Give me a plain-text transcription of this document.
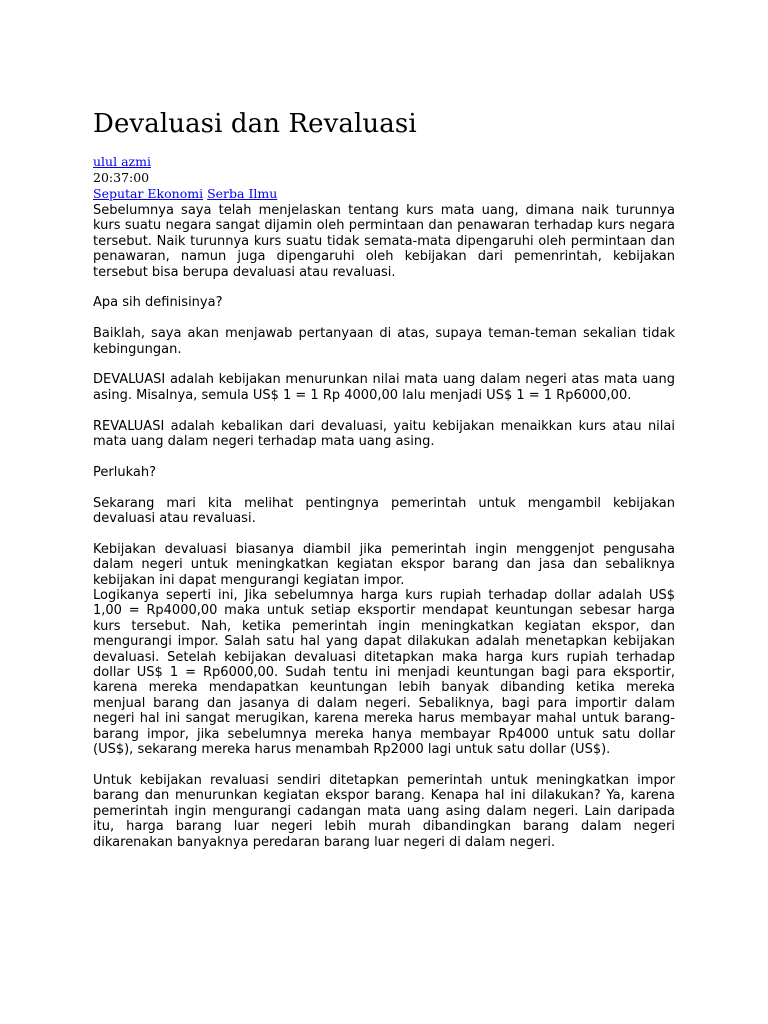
Devaluasi dan Revaluasi
ulul azmi
20:37:00
Seputar Ekonomi Serba Ilmu

Sebelumnya saya telah menjelaskan tentang kurs mata uang, dimana naik turunnya kurs suatu negara sangat dijamin oleh permintaan dan penawaran terhadap kurs negara tersebut. Naik turunnya kurs suatu tidak semata-mata dipengaruhi oleh permintaan dan penawaran, namun juga dipengaruhi oleh kebijakan dari pemenrintah, kebijakan tersebut bisa berupa devaluasi atau revaluasi.

Apa sih definisinya?

Baiklah, saya akan menjawab pertanyaan di atas, supaya teman-teman sekalian tidak kebingungan.

DEVALUASI adalah kebijakan menurunkan nilai mata uang dalam negeri atas mata uang asing. Misalnya, semula US$ 1 = 1 Rp 4000,00 lalu menjadi US$ 1 = 1 Rp6000,00.

REVALUASI adalah kebalikan dari devaluasi, yaitu kebijakan menaikkan kurs atau nilai mata uang dalam negeri terhadap mata uang asing.

Perlukah?

Sekarang mari kita melihat pentingnya pemerintah untuk mengambil kebijakan devaluasi atau revaluasi.

Kebijakan devaluasi biasanya diambil jika pemerintah ingin menggenjot pengusaha dalam negeri untuk meningkatkan kegiatan ekspor barang dan jasa dan sebaliknya kebijakan ini dapat mengurangi kegiatan impor.

Logikanya seperti ini, Jika sebelumnya harga kurs rupiah terhadap dollar adalah US$ 1,00 = Rp4000,00 maka untuk setiap eksportir mendapat keuntungan sebesar harga kurs tersebut. Nah, ketika pemerintah ingin meningkatkan kegiatan ekspor, dan mengurangi impor. Salah satu hal yang dapat dilakukan adalah menetapkan kebijakan devaluasi. Setelah kebijakan devaluasi ditetapkan maka harga kurs rupiah terhadap dollar US$ 1 = Rp6000,00. Sudah tentu ini menjadi keuntungan bagi para eksportir, karena mereka mendapatkan keuntungan lebih banyak dibanding ketika mereka menjual barang dan jasanya di dalam negeri. Sebaliknya, bagi para importir dalam negeri hal ini sangat merugikan, karena mereka harus membayar mahal untuk barang-barang impor, jika sebelumnya mereka hanya membayar Rp4000 untuk satu dollar (US$), sekarang mereka harus menambah Rp2000 lagi untuk satu dollar (US$).

Untuk kebijakan revaluasi sendiri ditetapkan pemerintah untuk meningkatkan impor barang dan menurunkan kegiatan ekspor barang. Kenapa hal ini dilakukan? Ya, karena pemerintah ingin mengurangi cadangan mata uang asing dalam negeri. Lain daripada itu, harga barang luar negeri lebih murah dibandingkan barang dalam negeri dikarenakan banyaknya peredaran barang luar negeri di dalam negeri.
